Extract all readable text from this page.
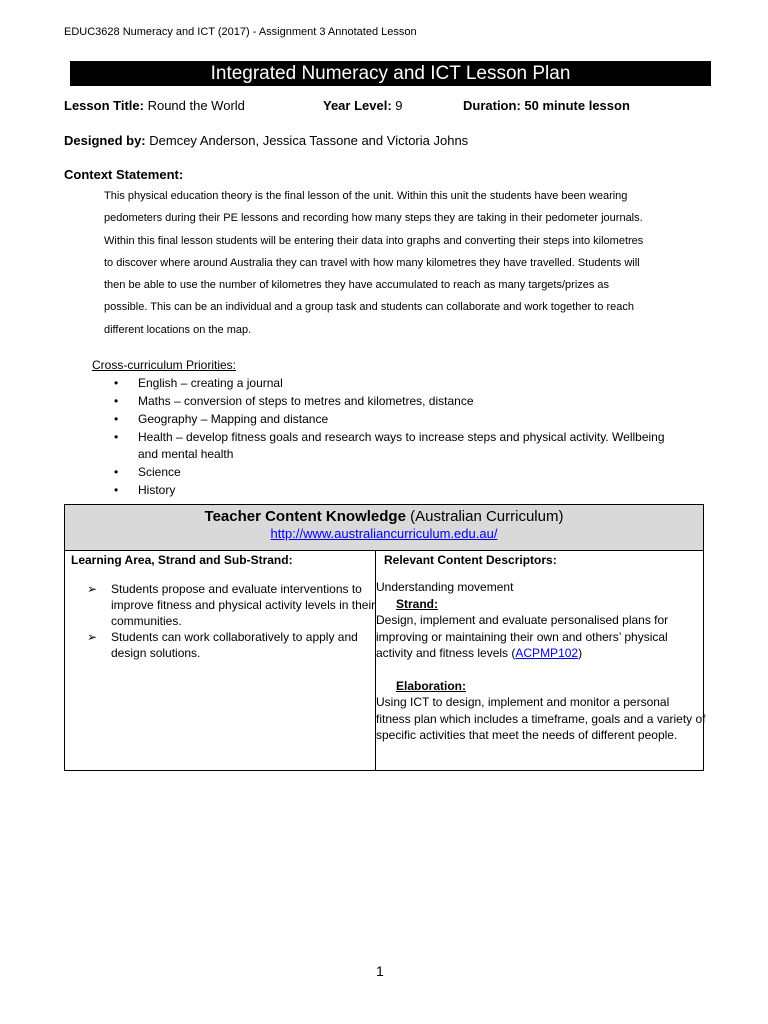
EDUC3628 Numeracy and ICT (2017) - Assignment 3 Annotated Lesson
Integrated Numeracy and ICT Lesson Plan
Lesson Title: Round the World	Year Level: 9	Duration: 50 minute lesson
Designed by: Demcey Anderson, Jessica Tassone and Victoria Johns
Context Statement:
This physical education theory is the final lesson of the unit. Within this unit the students have been wearing
pedometers during their PE lessons and recording how many steps they are taking in their pedometer journals.
Within this final lesson students will be entering their data into graphs and converting their steps into kilometres
to discover where around Australia they can travel with how many kilometres they have travelled. Students will
then be able to use the number of kilometres they have accumulated to reach as many targets/prizes as
possible. This can be an individual and a group task and students can collaborate and work together to reach
different locations on the map.
Cross-curriculum Priorities:
• English – creating a journal
• Maths – conversion of steps to metres and kilometres, distance
• Geography – Mapping and distance
• Health – develop fitness goals and research ways to increase steps and physical activity. Wellbeing and mental health
• Science
• History
Teacher Content Knowledge (Australian Curriculum)
http://www.australiancurriculum.edu.au/
Learning Area, Strand and Sub-Strand:
➢ Students propose and evaluate interventions to improve fitness and physical activity levels in their communities.
➢ Students can work collaboratively to apply and design solutions.
Relevant Content Descriptors:

Understanding movement

Strand:

Design, implement and evaluate personalised plans for improving or maintaining their own and others’ physical activity and fitness levels (ACPMP102)

Elaboration:

Using ICT to design, implement and monitor a personal fitness plan which includes a timeframe, goals and a variety of specific activities that meet the needs of different people.

1
